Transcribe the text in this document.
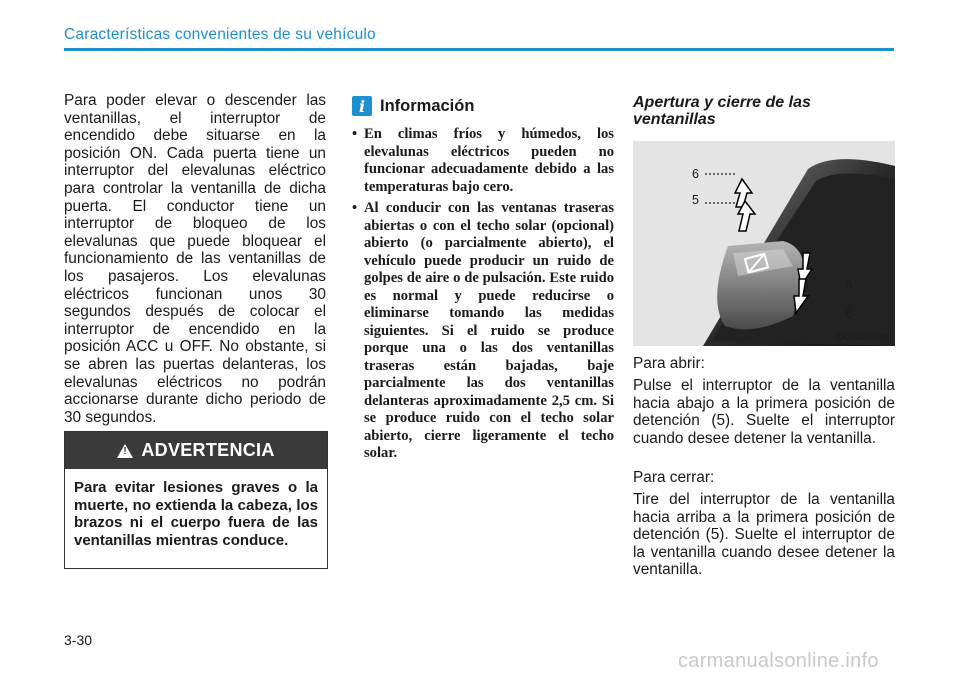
Características convenientes de su vehículo
Para poder elevar o descender las ventanillas, el interruptor de encendido debe situarse en la posición ON. Cada puerta tiene un interruptor del elevalunas eléctrico para controlar la ventanilla de dicha puerta. El conductor tiene un interruptor de bloqueo de los elevalunas que puede bloquear el funcionamiento de las ventanillas de los pasajeros. Los elevalunas eléctricos funcionan unos 30 segundos después de colocar el interruptor de encendido en la posición ACC u OFF. No obstante, si se abren las puertas delanteras, los elevalunas eléctricos no podrán accionarse durante dicho periodo de 30 segundos.
! ADVERTENCIA
Para evitar lesiones graves o la muerte, no extienda la cabeza, los brazos ni el cuerpo fuera de las ventanillas mientras conduce.
i Información
• En climas fríos y húmedos, los elevalunas eléctricos pueden no funcionar adecuadamente debido a las temperaturas bajo cero.
• Al conducir con las ventanas traseras abiertas o con el techo solar (opcional) abierto (o parcialmente abierto), el vehículo puede producir un ruido de golpes de aire o de pulsación. Este ruido es normal y puede reducirse o eliminarse tomando las medidas siguientes. Si el ruido se produce porque una o las dos ventanillas traseras están bajadas, baje parcialmente las dos ventanillas delanteras aproximadamente 2,5 cm. Si se produce ruido con el techo solar abierto, cierre ligeramente el techo solar.
Apertura y cierre de las ventanillas
6
5
5
6
OOS047018
Para abrir:
Pulse el interruptor de la ventanilla hacia abajo a la primera posición de detención (5). Suelte el interruptor cuando desee detener la ventanilla.
Para cerrar:
Tire del interruptor de la ventanilla hacia arriba a la primera posición de detención (5). Suelte el interruptor de la ventanilla cuando desee detener la ventanilla.
3-30
carmanualsonline.info
